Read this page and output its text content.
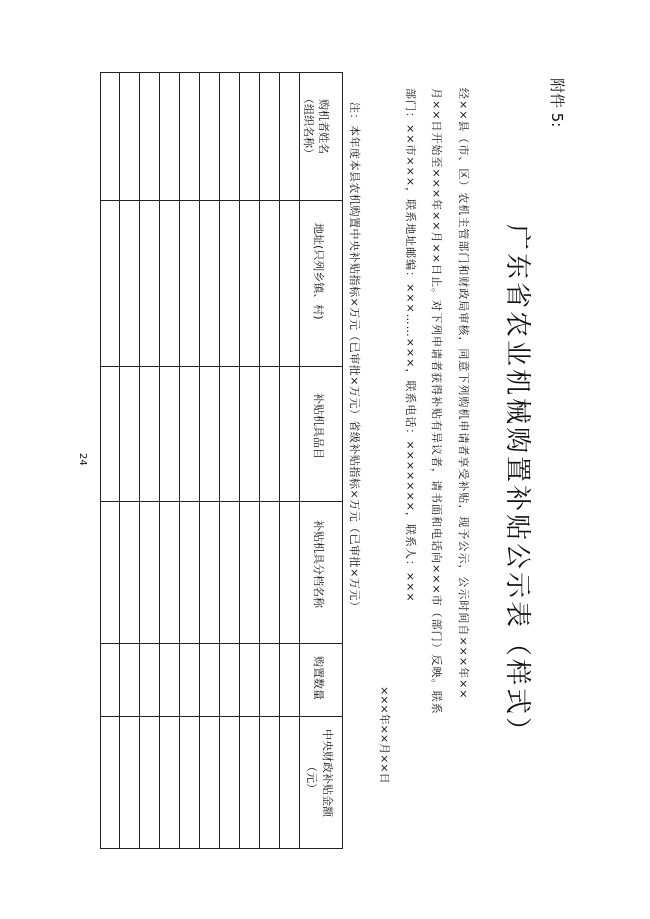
附件 5:
广东省农业机械购置补贴公示表（样式）
经××县（市、区）农机主管部门和财政局审核，同意下列购机申请者享受补贴，现予公示，公示时间自×××年××
月××日开始至×××年××月××日止。对下列申请者获得补贴有异议者，请书面和电话向×××市（部门）反映。联系
部门：××市×××，联系地址邮编：×××……×××，联系电话：×××××××，联系人：×××
×××年××月××日
注：本年度本县农机购置中央补贴指标×万元（已审批×万元）省级补贴指标×万元（已审批×万元）
购机者姓名
（组织名称）
地址(只列乡镇、村)
补贴机具品目
补贴机具分档名称
购置数量
中央财政补贴金额
（元）
24
